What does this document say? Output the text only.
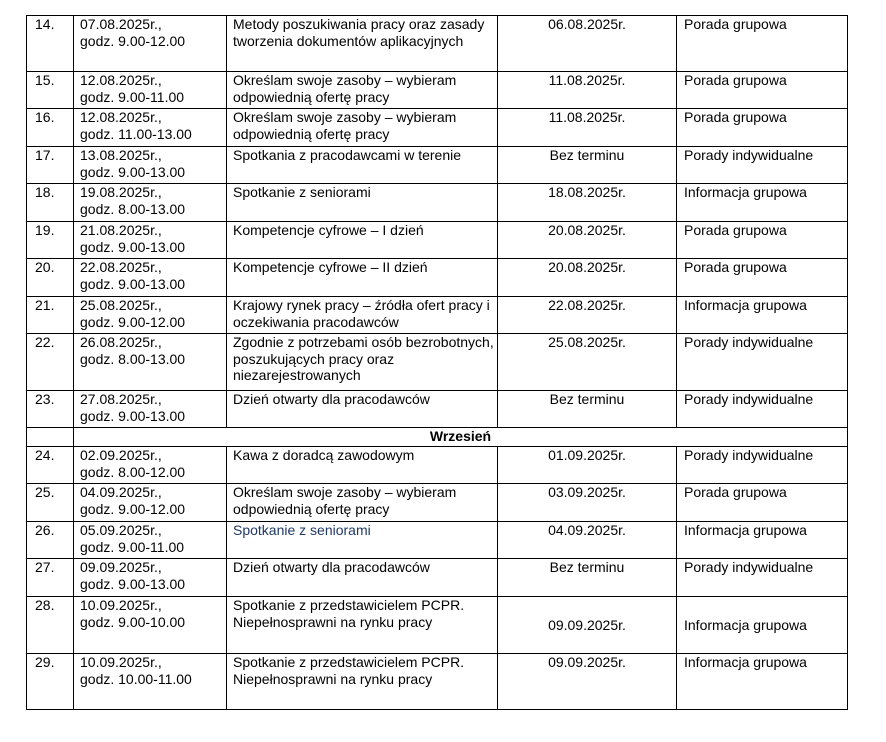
14.	07.08.2025r.,
godz. 9.00-12.00	Metody poszukiwania pracy oraz zasady tworzenia dokumentów aplikacyjnych	06.08.2025r.	Porada grupowa
15.	12.08.2025r.,
godz. 9.00-11.00	Określam swoje zasoby – wybieram odpowiednią ofertę pracy	11.08.2025r.	Porada grupowa
16.	12.08.2025r.,
godz. 11.00-13.00	Określam swoje zasoby – wybieram odpowiednią ofertę pracy	11.08.2025r.	Porada grupowa
17.	13.08.2025r.,
godz. 9.00-13.00	Spotkania z pracodawcami w terenie	Bez terminu	Porady indywidualne
18.	19.08.2025r.,
godz. 8.00-13.00	Spotkanie z seniorami	18.08.2025r.	Informacja grupowa
19.	21.08.2025r.,
godz. 9.00-13.00	Kompetencje cyfrowe – I dzień	20.08.2025r.	Porada grupowa
20.	22.08.2025r.,
godz. 9.00-13.00	Kompetencje cyfrowe – II dzień	20.08.2025r.	Porada grupowa
21.	25.08.2025r.,
godz. 9.00-12.00	Krajowy rynek pracy – źródła ofert pracy i oczekiwania pracodawców	22.08.2025r.	Informacja grupowa
22.	26.08.2025r.,
godz. 8.00-13.00	Zgodnie z potrzebami osób bezrobotnych, poszukujących pracy oraz niezarejestrowanych	25.08.2025r.	Porady indywidualne
23.	27.08.2025r.,
godz. 9.00-13.00	Dzień otwarty dla pracodawców	Bez terminu	Porady indywidualne
	Wrzesień			
24.	02.09.2025r.,
godz. 8.00-12.00	Kawa z doradcą zawodowym	01.09.2025r.	Porady indywidualne
25.	04.09.2025r.,
godz. 9.00-12.00	Określam swoje zasoby – wybieram odpowiednią ofertę pracy	03.09.2025r.	Porada grupowa
26.	05.09.2025r.,
godz. 9.00-11.00	Spotkanie z seniorami	04.09.2025r.	Informacja grupowa
27.	09.09.2025r.,
godz. 9.00-13.00	Dzień otwarty dla pracodawców	Bez terminu	Porady indywidualne
28.	10.09.2025r.,
godz. 9.00-10.00	Spotkanie z przedstawicielem PCPR. Niepełnosprawni na rynku pracy	09.09.2025r.	Informacja grupowa
29.	10.09.2025r.,
godz. 10.00-11.00	Spotkanie z przedstawicielem PCPR. Niepełnosprawni na rynku pracy	09.09.2025r.	Informacja grupowa
